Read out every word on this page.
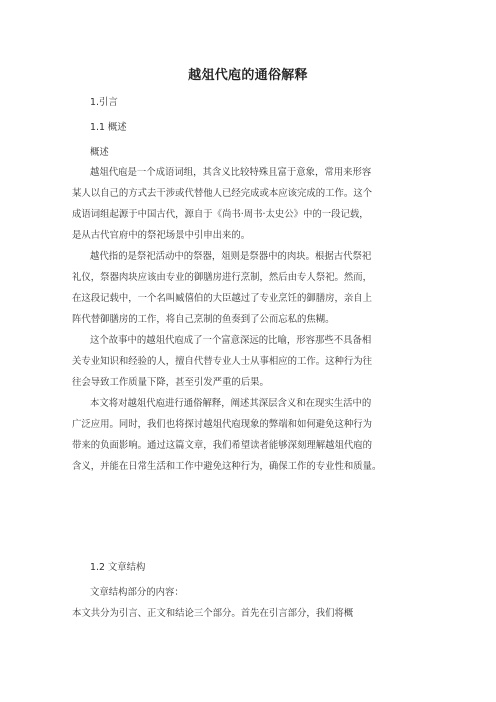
越俎代庖的通俗解释
1.引言
1.1 概述
概述
越俎代庖是一个成语词组，其含义比较特殊且富于意象，常用来形容
某人以自己的方式去干涉或代替他人已经完成或本应该完成的工作。这个
成语词组起源于中国古代，源自于《尚书·周书·太史公》中的一段记载，
是从古代官府中的祭祀场景中引申出来的。
越代指的是祭祀活动中的祭器，俎则是祭器中的肉块。根据古代祭祀
礼仪，祭器肉块应该由专业的御膳房进行烹制，然后由专人祭祀。然而，
在这段记载中，一个名叫臧僖伯的大臣越过了专业烹饪的御膳房，亲自上
阵代替御膳房的工作，将自己烹制的鱼奏到了公而忘私的焦糊。
这个故事中的越俎代庖成了一个富意深远的比喻，形容那些不具备相
关专业知识和经验的人，擅自代替专业人士从事相应的工作。这种行为往
往会导致工作质量下降，甚至引发严重的后果。
本文将对越俎代庖进行通俗解释，阐述其深层含义和在现实生活中的
广泛应用。同时，我们也将探讨越俎代庖现象的弊端和如何避免这种行为
带来的负面影响。通过这篇文章，我们希望读者能够深刻理解越俎代庖的
含义，并能在日常生活和工作中避免这种行为，确保工作的专业性和质量。
1.2 文章结构
文章结构部分的内容：
本文共分为引言、正文和结论三个部分。首先在引言部分，我们将概
